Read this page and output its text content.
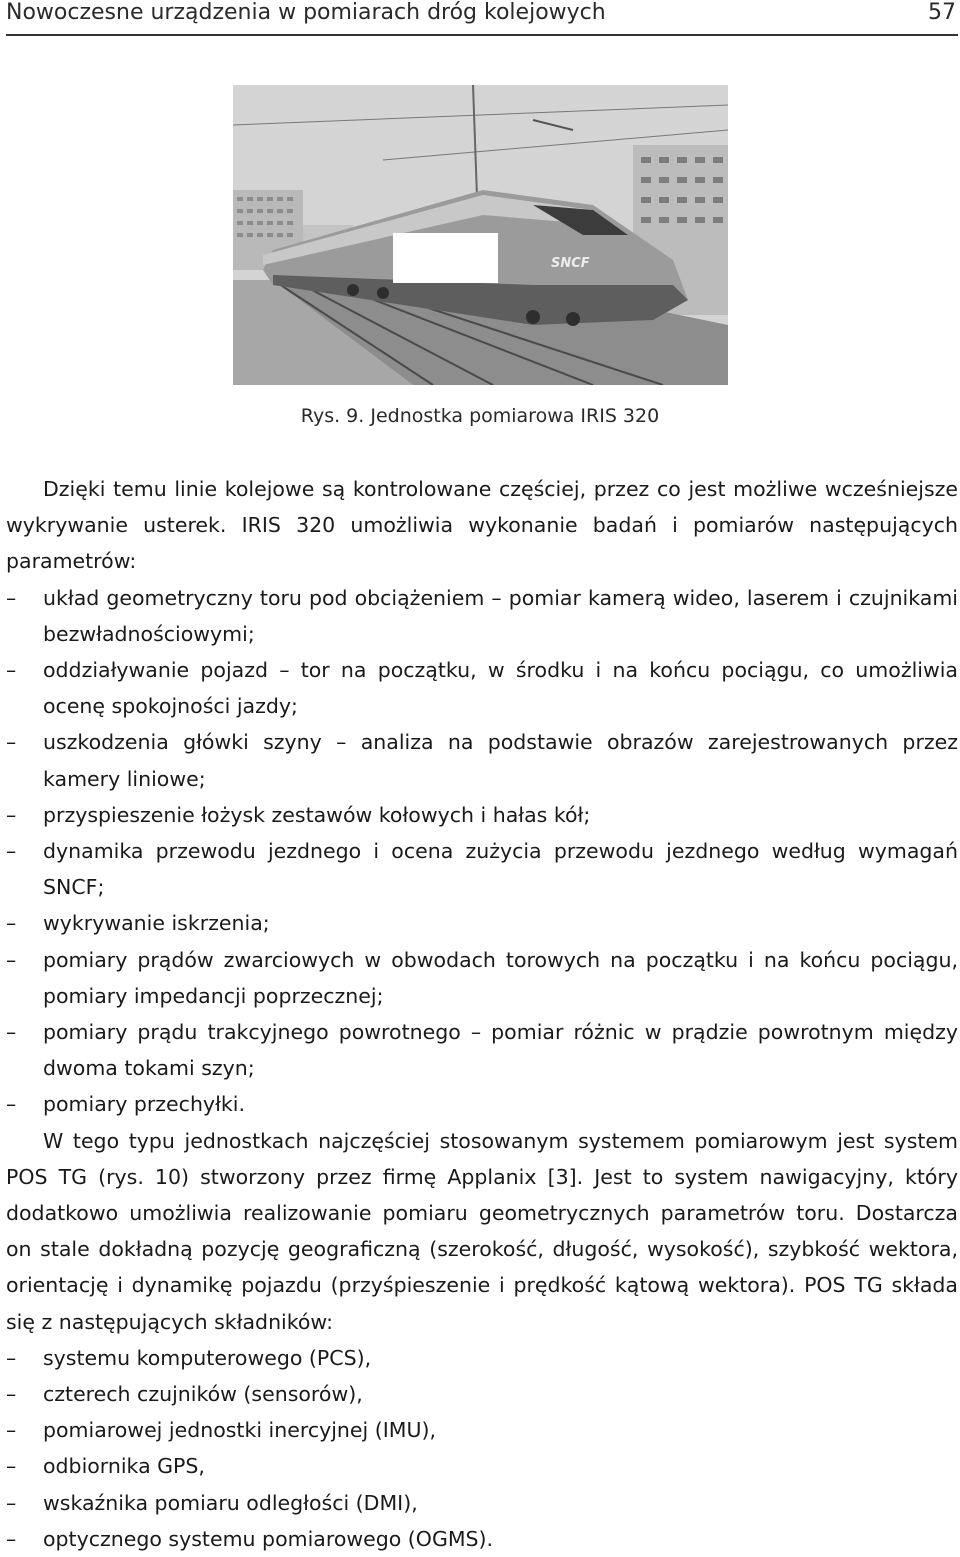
Nowoczesne urządzenia w pomiarach dróg kolejowych	57
SNCF
Rys. 9. Jednostka pomiarowa IRIS 320

Dzięki temu linie kolejowe są kontrolowane częściej, przez co jest możliwe wcześniejsze wykrywanie usterek. IRIS 320 umożliwia wykonanie badań i pomiarów następujących parametrów:

–	układ geometryczny toru pod obciążeniem – pomiar kamerą wideo, laserem i czujnikami bezwładnościowymi;
–	oddziaływanie pojazd – tor na początku, w środku i na końcu pociągu, co umożliwia ocenę spokojności jazdy;
–	uszkodzenia główki szyny – analiza na podstawie obrazów zarejestrowanych przez kamery liniowe;
–	przyspieszenie łożysk zestawów kołowych i hałas kół;
–	dynamika przewodu jezdnego i ocena zużycia przewodu jezdnego według wymagań SNCF;
–	wykrywanie iskrzenia;
–	pomiary prądów zwarciowych w obwodach torowych na początku i na końcu pociągu, pomiary impedancji poprzecznej;
–	pomiary prądu trakcyjnego powrotnego – pomiar różnic w prądzie powrotnym między dwoma tokami szyn;
–	pomiary przechyłki.

W tego typu jednostkach najczęściej stosowanym systemem pomiarowym jest system POS TG (rys. 10) stworzony przez firmę Applanix [3]. Jest to system nawigacyjny, który dodatkowo umożliwia realizowanie pomiaru geometrycznych parametrów toru. Dostarcza on stale dokładną pozycję geograficzną (szerokość, długość, wysokość), szybkość wektora, orientację i dynamikę pojazdu (przyśpieszenie i prędkość kątową wektora). POS TG składa się z następujących składników:

–	systemu komputerowego (PCS),
–	czterech czujników (sensorów),
–	pomiarowej jednostki inercyjnej (IMU),
–	odbiornika GPS,
–	wskaźnika pomiaru odległości (DMI),
–	optycznego systemu pomiarowego (OGMS).
